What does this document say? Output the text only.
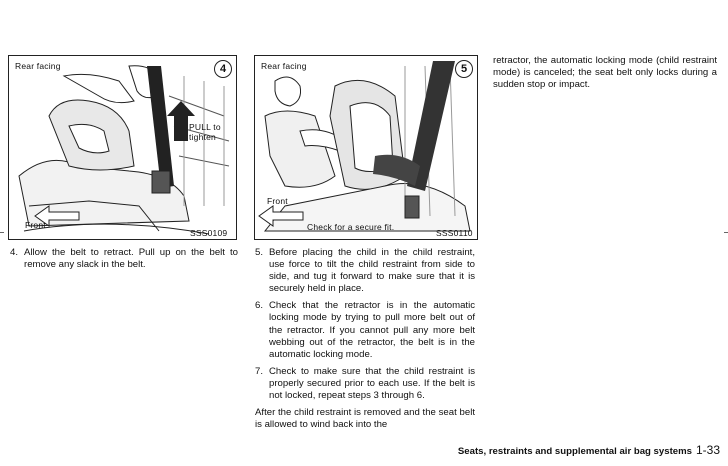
Rear facing	4
PULL to
tighten
Front
SSS0109
Rear facing	5
Front
Check for a secure fit.
SSS0110
4. Allow the belt to retract. Pull up on the belt to remove any slack in the belt.
5. Before placing the child in the child restraint, use force to tilt the child restraint from side to side, and tug it forward to make sure that it is securely held in place.
6. Check that the retractor is in the automatic locking mode by trying to pull more belt out of the retractor. If you cannot pull any more belt webbing out of the retractor, the belt is in the automatic locking mode.
7. Check to make sure that the child restraint is properly secured prior to each use. If the belt is not locked, repeat steps 3 through 6.

After the child restraint is removed and the seat belt is allowed to wind back into the

retractor, the automatic locking mode (child restraint mode) is canceled; the seat belt only locks during a sudden stop or impact.

Seats, restraints and supplemental air bag systems 1-33
